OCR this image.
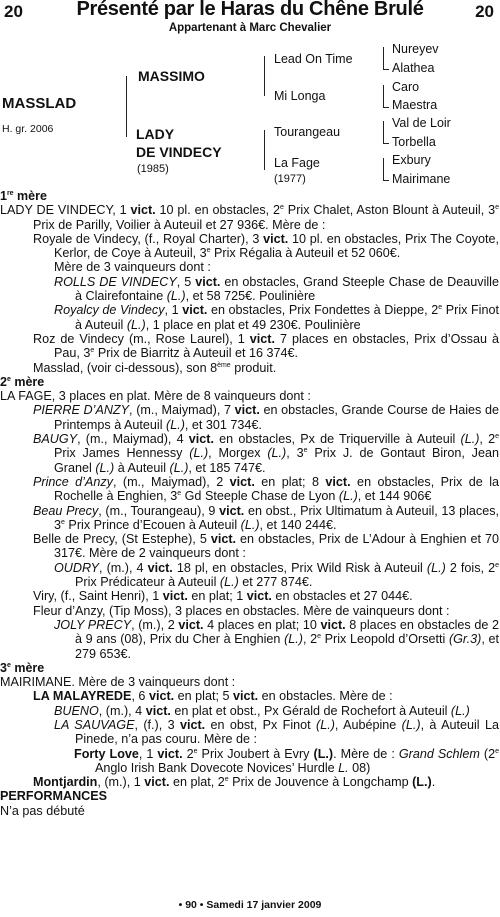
20	Présenté par le Haras du Chêne Brulé	20
Appartenant à Marc Chevalier
MASSLAD
H. gr. 2006
MASSIMO
LADY
DE VINDECY
(1985)
Lead On Time
Mi Longa
Tourangeau
La Fage
(1977)
Nureyev
Alathea
Caro
Maestra
Val de Loir
Torbella
Exbury
Mairimane

1re mère

LADY DE VINDECY, 1 vict. 10 pl. en obstacles, 2e Prix Chalet, Aston Blount à Auteuil, 3e Prix de Parilly, Voilier à Auteuil et 27 936€. Mère de :

Royale de Vindecy, (f., Royal Charter), 3 vict. 10 pl. en obstacles, Prix The Coyote, Kerlor, de Coye à Auteuil, 3e Prix Régalia à Auteuil et 52 060€.

Mère de 3 vainqueurs dont :

ROLLS DE VINDECY, 5 vict. en obstacles, Grand Steeple Chase de Deauville à Clairefontaine (L.), et 58 725€. Poulinière

Royalcy de Vindecy, 1 vict. en obstacles, Prix Fondettes à Dieppe, 2e Prix Finot à Auteuil (L.), 1 place en plat et 49 230€. Poulinière

Roz de Vindecy (m., Rose Laurel), 1 vict. 7 places en obstacles, Prix d’Ossau à Pau, 3e Prix de Biarritz à Auteuil et 16 374€.

Masslad, (voir ci-dessous), son 8ème produit.

2e mère

LA FAGE, 3 places en plat. Mère de 8 vainqueurs dont :

PIERRE D’ANZY, (m., Maiymad), 7 vict. en obstacles, Grande Course de Haies de Printemps à Auteuil (L.), et 301 734€.

BAUGY, (m., Maiymad), 4 vict. en obstacles, Px de Triquerville à Auteuil (L.), 2e Prix James Hennessy (L.), Morgex (L.), 3e Prix J. de Gontaut Biron, Jean Granel (L.) à Auteuil (L.), et 185 747€.

Prince d’Anzy, (m., Maiymad), 2 vict. en plat; 8 vict. en obstacles, Prix de la Rochelle à Enghien, 3e Gd Steeple Chase de Lyon (L.), et 144 906€

Beau Precy, (m., Tourangeau), 9 vict. en obst., Prix Ultimatum à Auteuil, 13 places, 3e Prix Prince d’Ecouen à Auteuil (L.), et 140 244€.

Belle de Precy, (St Estephe), 5 vict. en obstacles, Prix de L’Adour à Enghien et 70 317€. Mère de 2 vainqueurs dont :

OUDRY, (m.), 4 vict. 18 pl, en obstacles, Prix Wild Risk à Auteuil (L.) 2 fois, 2e Prix Prédicateur à Auteuil (L.) et 277 874€.

Viry, (f., Saint Henri), 1 vict. en plat; 1 vict. en obstacles et 27 044€.

Fleur d’Anzy, (Tip Moss), 3 places en obstacles. Mère de vainqueurs dont :

JOLY PRECY, (m.), 2 vict. 4 places en plat; 10 vict. 8 places en obstacles de 2 à 9 ans (08), Prix du Cher à Enghien (L.), 2e Prix Leopold d’Orsetti (Gr.3), et 279 653€.

3e mère

MAIRIMANE. Mère de 3 vainqueurs dont :

LA MALAYREDE, 6 vict. en plat; 5 vict. en obstacles. Mère de :

BUENO, (m.), 4 vict. en plat et obst., Px Gérald de Rochefort à Auteuil (L.)

LA SAUVAGE, (f.), 3 vict. en obst, Px Finot (L.), Aubépine (L.), à Auteuil La Pinede, n’a pas couru. Mère de :

Forty Love, 1 vict. 2e Prix Joubert à Evry (L.). Mère de : Grand Schlem (2e Anglo Irish Bank Dovecote Novices’ Hurdle L. 08)

Montjardin, (m.), 1 vict. en plat, 2e Prix de Jouvence à Longchamp (L.).

PERFORMANCES

N’a pas débuté

• 90 • Samedi 17 janvier 2009
